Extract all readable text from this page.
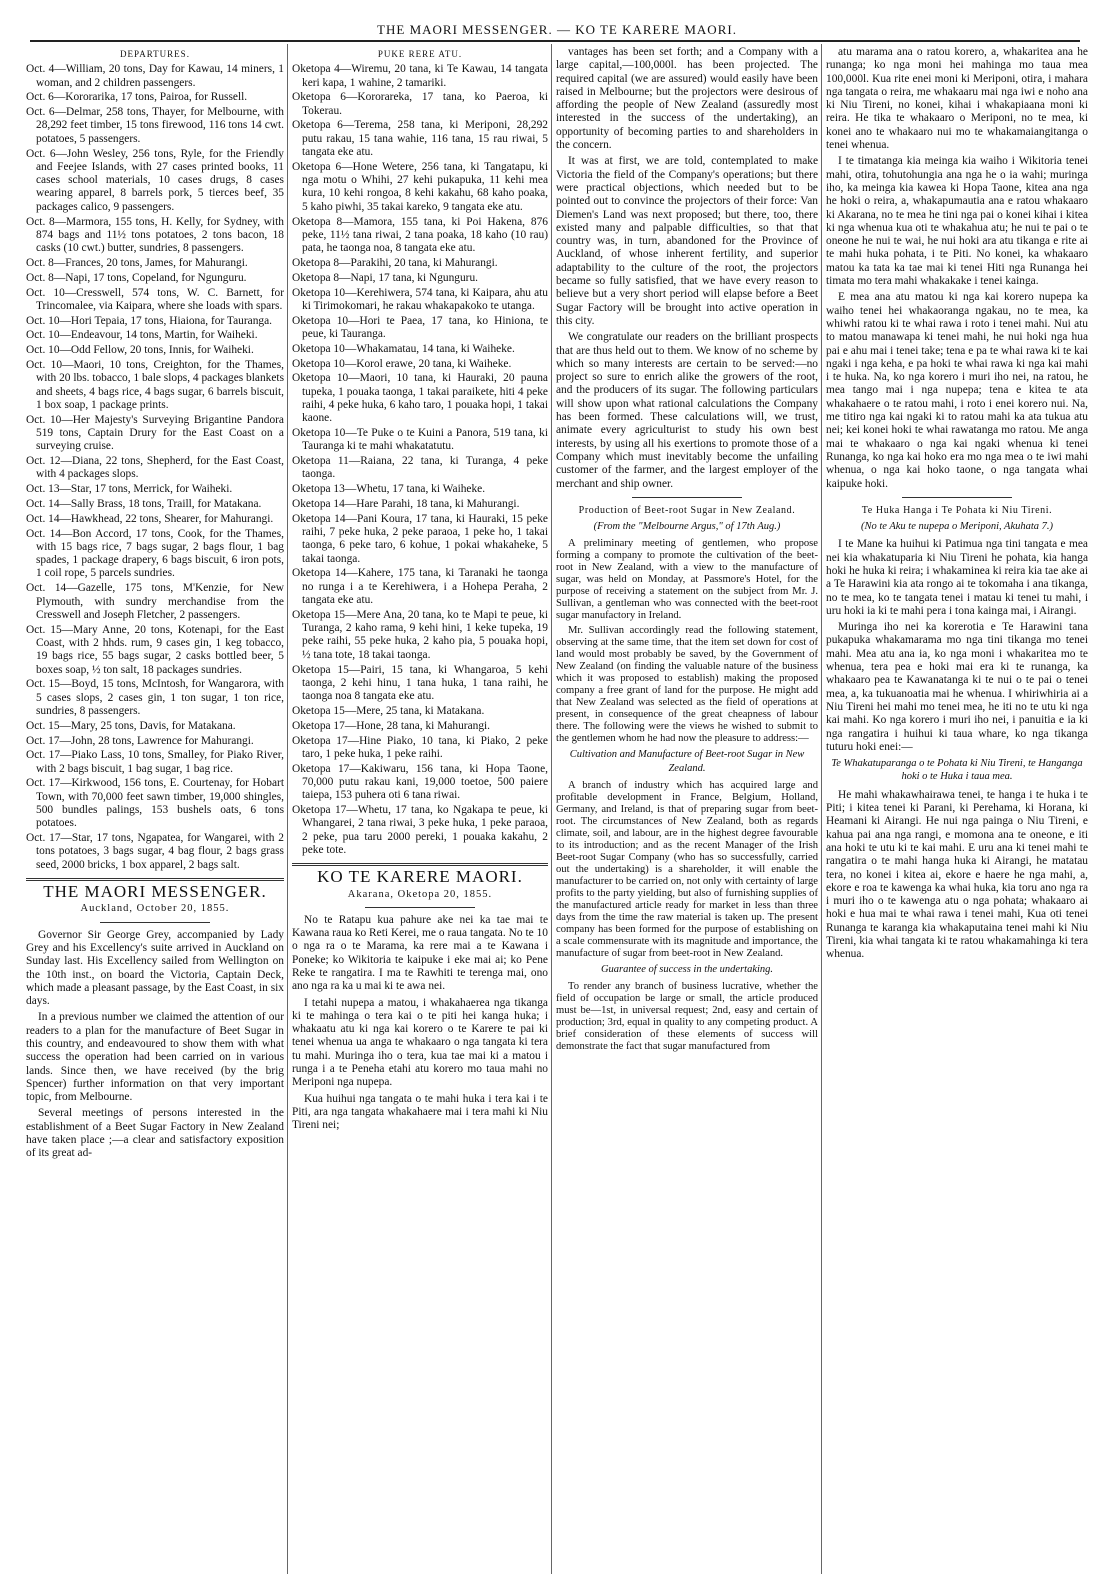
THE MAORI MESSENGER. — KO TE KARERE MAORI.
DEPARTURES.

Oct. 4—William, 20 tons, Day for Kawau, 14 miners, 1 woman, and 2 children passengers.

Oct. 6—Kororarika, 17 tons, Pairoa, for Russell.

Oct. 6—Delmar, 258 tons, Thayer, for Melbourne, with 28,292 feet timber, 15 tons firewood, 116 tons 14 cwt. potatoes, 5 passengers.

Oct. 6—John Wesley, 256 tons, Ryle, for the Friendly and Feejee Islands, with 27 cases printed books, 11 cases school materials, 10 cases drugs, 8 cases wearing apparel, 8 barrels pork, 5 tierces beef, 35 packages calico, 9 passengers.

Oct. 8—Marmora, 155 tons, H. Kelly, for Sydney, with 874 bags and 11½ tons potatoes, 2 tons bacon, 18 casks (10 cwt.) butter, sundries, 8 passengers.

Oct. 8—Frances, 20 tons, James, for Mahurangi.

Oct. 8—Napi, 17 tons, Copeland, for Ngunguru.

Oct. 10—Cresswell, 574 tons, W. C. Barnett, for Trincomalee, via Kaipara, where she loads with spars.

Oct. 10—Hori Tepaia, 17 tons, Hiaiona, for Tauranga.

Oct. 10—Endeavour, 14 tons, Martin, for Waiheki.

Oct. 10—Odd Fellow, 20 tons, Innis, for Waiheki.

Oct. 10—Maori, 10 tons, Creighton, for the Thames, with 20 lbs. tobacco, 1 bale slops, 4 packages blankets and sheets, 4 bags rice, 4 bags sugar, 6 barrels biscuit, 1 box soap, 1 package prints.

Oct. 10—Her Majesty's Surveying Brigantine Pandora 519 tons, Captain Drury for the East Coast on a surveying cruise.

Oct. 12—Diana, 22 tons, Shepherd, for the East Coast, with 4 packages slops.

Oct. 13—Star, 17 tons, Merrick, for Waiheki.

Oct. 14—Sally Brass, 18 tons, Traill, for Matakana.

Oct. 14—Hawkhead, 22 tons, Shearer, for Mahurangi.

Oct. 14—Bon Accord, 17 tons, Cook, for the Thames, with 15 bags rice, 7 bags sugar, 2 bags flour, 1 bag spades, 1 package drapery, 6 bags biscuit, 6 iron pots, 1 coil rope, 5 parcels sundries.

Oct. 14—Gazelle, 175 tons, M'Kenzie, for New Plymouth, with sundry merchandise from the Cresswell and Joseph Fletcher, 2 passengers.

Oct. 15—Mary Anne, 20 tons, Kotenapi, for the East Coast, with 2 hhds. rum, 9 cases gin, 1 keg tobacco, 19 bags rice, 55 bags sugar, 2 casks bottled beer, 5 boxes soap, ½ ton salt, 18 packages sundries.

Oct. 15—Boyd, 15 tons, McIntosh, for Wangarora, with 5 cases slops, 2 cases gin, 1 ton sugar, 1 ton rice, sundries, 8 passengers.

Oct. 15—Mary, 25 tons, Davis, for Matakana.

Oct. 17—John, 28 tons, Lawrence for Mahurangi.

Oct. 17—Piako Lass, 10 tons, Smalley, for Piako River, with 2 bags biscuit, 1 bag sugar, 1 bag rice.

Oct. 17—Kirkwood, 156 tons, E. Courtenay, for Hobart Town, with 70,000 feet sawn timber, 19,000 shingles, 500 bundles palings, 153 bushels oats, 6 tons potatoes.

Oct. 17—Star, 17 tons, Ngapatea, for Wangarei, with 2 tons potatoes, 3 bags sugar, 4 bag flour, 2 bags grass seed, 2000 bricks, 1 box apparel, 2 bags salt.

THE MAORI MESSENGER.
Auckland, October 20, 1855.

Governor Sir George Grey, accompanied by Lady Grey and his Excellency's suite arrived in Auckland on Sunday last. His Excellency sailed from Wellington on the 10th inst., on board the Victoria, Captain Deck, which made a pleasant passage, by the East Coast, in six days.

In a previous number we claimed the attention of our readers to a plan for the manufacture of Beet Sugar in this country, and endeavoured to show them with what success the operation had been carried on in various lands. Since then, we have received (by the brig Spencer) further information on that very important topic, from Melbourne.

Several meetings of persons interested in the establishment of a Beet Sugar Factory in New Zealand have taken place ;—a clear and satisfactory exposition of its great ad-

PUKE RERE ATU.

Oketopa 4—Wiremu, 20 tana, ki Te Kawau, 14 tangata keri kapa, 1 wahine, 2 tamariki.

Oketopa 6—Kororareka, 17 tana, ko Paeroa, ki Tokerau.

Oketopa 6—Terema, 258 tana, ki Meriponi, 28,292 putu rakau, 15 tana wahie, 116 tana, 15 rau riwai, 5 tangata eke atu.

Oketopa 6—Hone Wetere, 256 tana, ki Tangatapu, ki nga motu o Whihi, 27 kehi pukapuka, 11 kehi mea kura, 10 kehi rongoa, 8 kehi kakahu, 68 kaho poaka, 5 kaho piwhi, 35 takai kareko, 9 tangata eke atu.

Oketopa 8—Mamora, 155 tana, ki Poi Hakena, 876 peke, 11½ tana riwai, 2 tana poaka, 18 kaho (10 rau) pata, he taonga noa, 8 tangata eke atu.

Oketopa 8—Parakihi, 20 tana, ki Mahurangi.

Oketopa 8—Napi, 17 tana, ki Ngunguru.

Oketopa 10—Kerehiwera, 574 tana, ki Kaipara, ahu atu ki Tirimokomari, he rakau whakapakoko te utanga.

Oketopa 10—Hori te Paea, 17 tana, ko Hiniona, te peue, ki Tauranga.

Oketopa 10—Whakamatau, 14 tana, ki Waiheke.

Oketopa 10—Korol erawe, 20 tana, ki Waiheke.

Oketopa 10—Maori, 10 tana, ki Hauraki, 20 pauna tupeka, 1 pouaka taonga, 1 takai paraikete, hiti 4 peke raihi, 4 peke huka, 6 kaho taro, 1 pouaka hopi, 1 takai kaone.

Oketopa 10—Te Puke o te Kuini a Panora, 519 tana, ki Tauranga ki te mahi whakatatutu.

Oketopa 11—Raiana, 22 tana, ki Turanga, 4 peke taonga.

Oketopa 13—Whetu, 17 tana, ki Waiheke.

Oketopa 14—Hare Parahi, 18 tana, ki Mahurangi.

Oketopa 14—Pani Koura, 17 tana, ki Hauraki, 15 peke raihi, 7 peke huka, 2 peke paraoa, 1 peke ho, 1 takai taonga, 6 peke taro, 6 kohue, 1 pokai whakaheke, 5 takai taonga.

Oketopa 14—Kahere, 175 tana, ki Taranaki he taonga no runga i a te Kerehiwera, i a Hohepa Peraha, 2 tangata eke atu.

Oketopa 15—Mere Ana, 20 tana, ko te Mapi te peue, ki Turanga, 2 kaho rama, 9 kehi hini, 1 keke tupeka, 19 peke raihi, 55 peke huka, 2 kaho pia, 5 pouaka hopi, ½ tana tote, 18 takai taonga.

Oketopa 15—Pairi, 15 tana, ki Whangaroa, 5 kehi taonga, 2 kehi hinu, 1 tana huka, 1 tana raihi, he taonga noa 8 tangata eke atu.

Oketopa 15—Mere, 25 tana, ki Matakana.

Oketopa 17—Hone, 28 tana, ki Mahurangi.

Oketopa 17—Hine Piako, 10 tana, ki Piako, 2 peke taro, 1 peke huka, 1 peke raihi.

Oketopa 17—Kakiwaru, 156 tana, ki Hopa Taone, 70,000 putu rakau kani, 19,000 toetoe, 500 paiere taiepa, 153 puhera oti 6 tana riwai.

Oketopa 17—Whetu, 17 tana, ko Ngakapa te peue, ki Whangarei, 2 tana riwai, 3 peke huka, 1 peke paraoa, 2 peke, pua taru 2000 pereki, 1 pouaka kakahu, 2 peke tote.

KO TE KARERE MAORI.
Akarana, Oketopa 20, 1855.

No te Ratapu kua pahure ake nei ka tae mai te Kawana raua ko Reti Kerei, me o raua tangata. No te 10 o nga ra o te Marama, ka rere mai a te Kawana i Poneke; ko Wikitoria te kaipuke i eke mai ai; ko Pene Reke te rangatira. I ma te Rawhiti te terenga mai, ono ano nga ra ka u mai ki te awa nei.

I tetahi nupepa a matou, i whakahaerea nga tikanga ki te mahinga o tera kai o te piti hei kanga huka; i whakaatu atu ki nga kai korero o te Karere te pai ki tenei whenua ua anga te whakaaro o nga tangata ki tera tu mahi. Muringa iho o tera, kua tae mai ki a matou i runga i a te Peneha etahi atu korero mo taua mahi no Meriponi nga nupepa.

Kua huihui nga tangata o te mahi huka i tera kai i te Piti, ara nga tangata whakahaere mai i tera mahi ki Niu Tireni nei;

vantages has been set forth; and a Company with a large capital,—100,000l. has been projected. The required capital (we are assured) would easily have been raised in Melbourne; but the projectors were desirous of affording the people of New Zealand (assuredly most interested in the success of the undertaking), an opportunity of becoming parties to and shareholders in the concern.

It was at first, we are told, contemplated to make Victoria the field of the Company's operations; but there were practical objections, which needed but to be pointed out to convince the projectors of their force: Van Diemen's Land was next proposed; but there, too, there existed many and palpable difficulties, so that that country was, in turn, abandoned for the Province of Auckland, of whose inherent fertility, and superior adaptability to the culture of the root, the projectors became so fully satisfied, that we have every reason to believe but a very short period will elapse before a Beet Sugar Factory will be brought into active operation in this city.

We congratulate our readers on the brilliant prospects that are thus held out to them. We know of no scheme by which so many interests are certain to be served:—no project so sure to enrich alike the growers of the root, and the producers of its sugar. The following particulars will show upon what rational calculations the Company has been formed. These calculations will, we trust, animate every agriculturist to study his own best interests, by using all his exertions to promote those of a Company which must inevitably become the unfailing customer of the farmer, and the largest employer of the merchant and ship owner.

Production of Beet-root Sugar in New Zealand.
(From the "Melbourne Argus," of 17th Aug.)

A preliminary meeting of gentlemen, who propose forming a company to promote the cultivation of the beet-root in New Zealand, with a view to the manufacture of sugar, was held on Monday, at Passmore's Hotel, for the purpose of receiving a statement on the subject from Mr. J. Sullivan, a gentleman who was connected with the beet-root sugar manufactory in Ireland.

Mr. Sullivan accordingly read the following statement, observing at the same time, that the item set down for cost of land would most probably be saved, by the Government of New Zealand (on finding the valuable nature of the business which it was proposed to establish) making the proposed company a free grant of land for the purpose. He might add that New Zealand was selected as the field of operations at present, in consequence of the great cheapness of labour there. The following were the views he wished to submit to the gentlemen whom he had now the pleasure to address:—

Cultivation and Manufacture of Beet-root Sugar in New Zealand.

A branch of industry which has acquired large and profitable development in France, Belgium, Holland, Germany, and Ireland, is that of preparing sugar from beet-root. The circumstances of New Zealand, both as regards climate, soil, and labour, are in the highest degree favourable to its introduction; and as the recent Manager of the Irish Beet-root Sugar Company (who has so successfully, carried out the undertaking) is a shareholder, it will enable the manufacturer to be carried on, not only with certainty of large profits to the party yielding, but also of furnishing supplies of the manufactured article ready for market in less than three days from the time the raw material is taken up. The present company has been formed for the purpose of establishing on a scale commensurate with its magnitude and importance, the manufacture of sugar from beet-root in New Zealand.

Guarantee of success in the undertaking.

To render any branch of business lucrative, whether the field of occupation be large or small, the article produced must be—1st, in universal request; 2nd, easy and certain of production; 3rd, equal in quality to any competing product. A brief consideration of these elements of success will demonstrate the fact that sugar manufactured from

atu marama ana o ratou korero, a, whakaritea ana he runanga; ko nga moni hei mahinga mo taua mea 100,000l. Kua rite enei moni ki Meriponi, otira, i mahara nga tangata o reira, me whakaaru mai nga iwi e noho ana ki Niu Tireni, no konei, kihai i whakapiaana moni ki reira. He tika te whakaaro o Meriponi, no te mea, ki konei ano te whakaaro nui mo te whakamaiangitanga o tenei whenua.

I te timatanga kia meinga kia waiho i Wikitoria tenei mahi, otira, tohutohungia ana nga he o ia wahi; muringa iho, ka meinga kia kawea ki Hopa Taone, kitea ana nga he hoki o reira, a, whakapumautia ana e ratou whakaaro ki Akarana, no te mea he tini nga pai o konei kihai i kitea ki nga whenua kua oti te whakahua atu; he nui te pai o te oneone he nui te wai, he nui hoki ara atu tikanga e rite ai te mahi huka pohata, i te Piti. No konei, ka whakaaro matou ka tata ka tae mai ki tenei Hiti nga Runanga hei timata mo tera mahi whakakake i tenei kainga.

E mea ana atu matou ki nga kai korero nupepa ka waiho tenei hei whakaoranga ngakau, no te mea, ka whiwhi ratou ki te whai rawa i roto i tenei mahi. Nui atu to matou manawapa ki tenei mahi, he nui hoki nga hua pai e ahu mai i tenei take; tena e pa te whai rawa ki te kai ngaki i nga keha, e pa hoki te whai rawa ki nga kai mahi i te huka. Na, ko nga korero i muri iho nei, na ratou, he mea tango mai i nga nupepa; tena e kitea te ata whakahaere o te ratou mahi, i roto i enei korero nui. Na, me titiro nga kai ngaki ki to ratou mahi ka ata tukua atu nei; kei konei hoki te whai rawatanga mo ratou. Me anga mai te whakaaro o nga kai ngaki whenua ki tenei Runanga, ko nga kai hoko era mo nga mea o te iwi mahi whenua, o nga kai hoko taone, o nga tangata whai kaipuke hoki.

Te Huka Hanga i Te Pohata ki Niu Tireni.
(No te Aku te nupepa o Meriponi, Akuhata 7.)

I te Mane ka huihui ki Patimua nga tini tangata e mea nei kia whakatuparia ki Niu Tireni he pohata, kia hanga hoki he huka ki reira; i whakaminea ki reira kia tae ake ai a Te Harawini kia ata rongo ai te tokomaha i ana tikanga, no te mea, ko te tangata tenei i matau ki tenei tu mahi, i uru hoki ia ki te mahi pera i tona kainga mai, i Airangi.

Muringa iho nei ka korerotia e Te Harawini tana pukapuka whakamarama mo nga tini tikanga mo tenei mahi. Mea atu ana ia, ko nga moni i whakaritea mo te whenua, tera pea e hoki mai era ki te runanga, ka whakaaro pea te Kawanatanga ki te nui o te pai o tenei mea, a, ka tukuanoatia mai he whenua. I whiriwhiria ai a Niu Tireni hei mahi mo tenei mea, he iti no te utu ki nga kai mahi. Ko nga korero i muri iho nei, i panuitia e ia ki nga rangatira i huihui ki taua whare, ko nga tikanga tuturu hoki enei:—

Te Whakatuparanga o te Pohata ki Niu Tireni, te Hanganga hoki o te Huka i taua mea.

He mahi whakawhairawa tenei, te hanga i te huka i te Piti; i kitea tenei ki Parani, ki Perehama, ki Horana, ki Heamani ki Airangi. He nui nga painga o Niu Tireni, e kahua pai ana nga rangi, e momona ana te oneone, e iti ana hoki te utu ki te kai mahi. E uru ana ki tenei mahi te rangatira o te mahi hanga huka ki Airangi, he matatau tera, no konei i kitea ai, ekore e haere he nga mahi, a, ekore e roa te kawenga ka whai huka, kia toru ano nga ra i muri iho o te kawenga atu o nga pohata; whakaaro ai hoki e hua mai te whai rawa i tenei mahi, Kua oti tenei Runanga te karanga kia whakaputaina tenei mahi ki Niu Tireni, kia whai tangata ki te ratou whakamahinga ki tera whenua.
